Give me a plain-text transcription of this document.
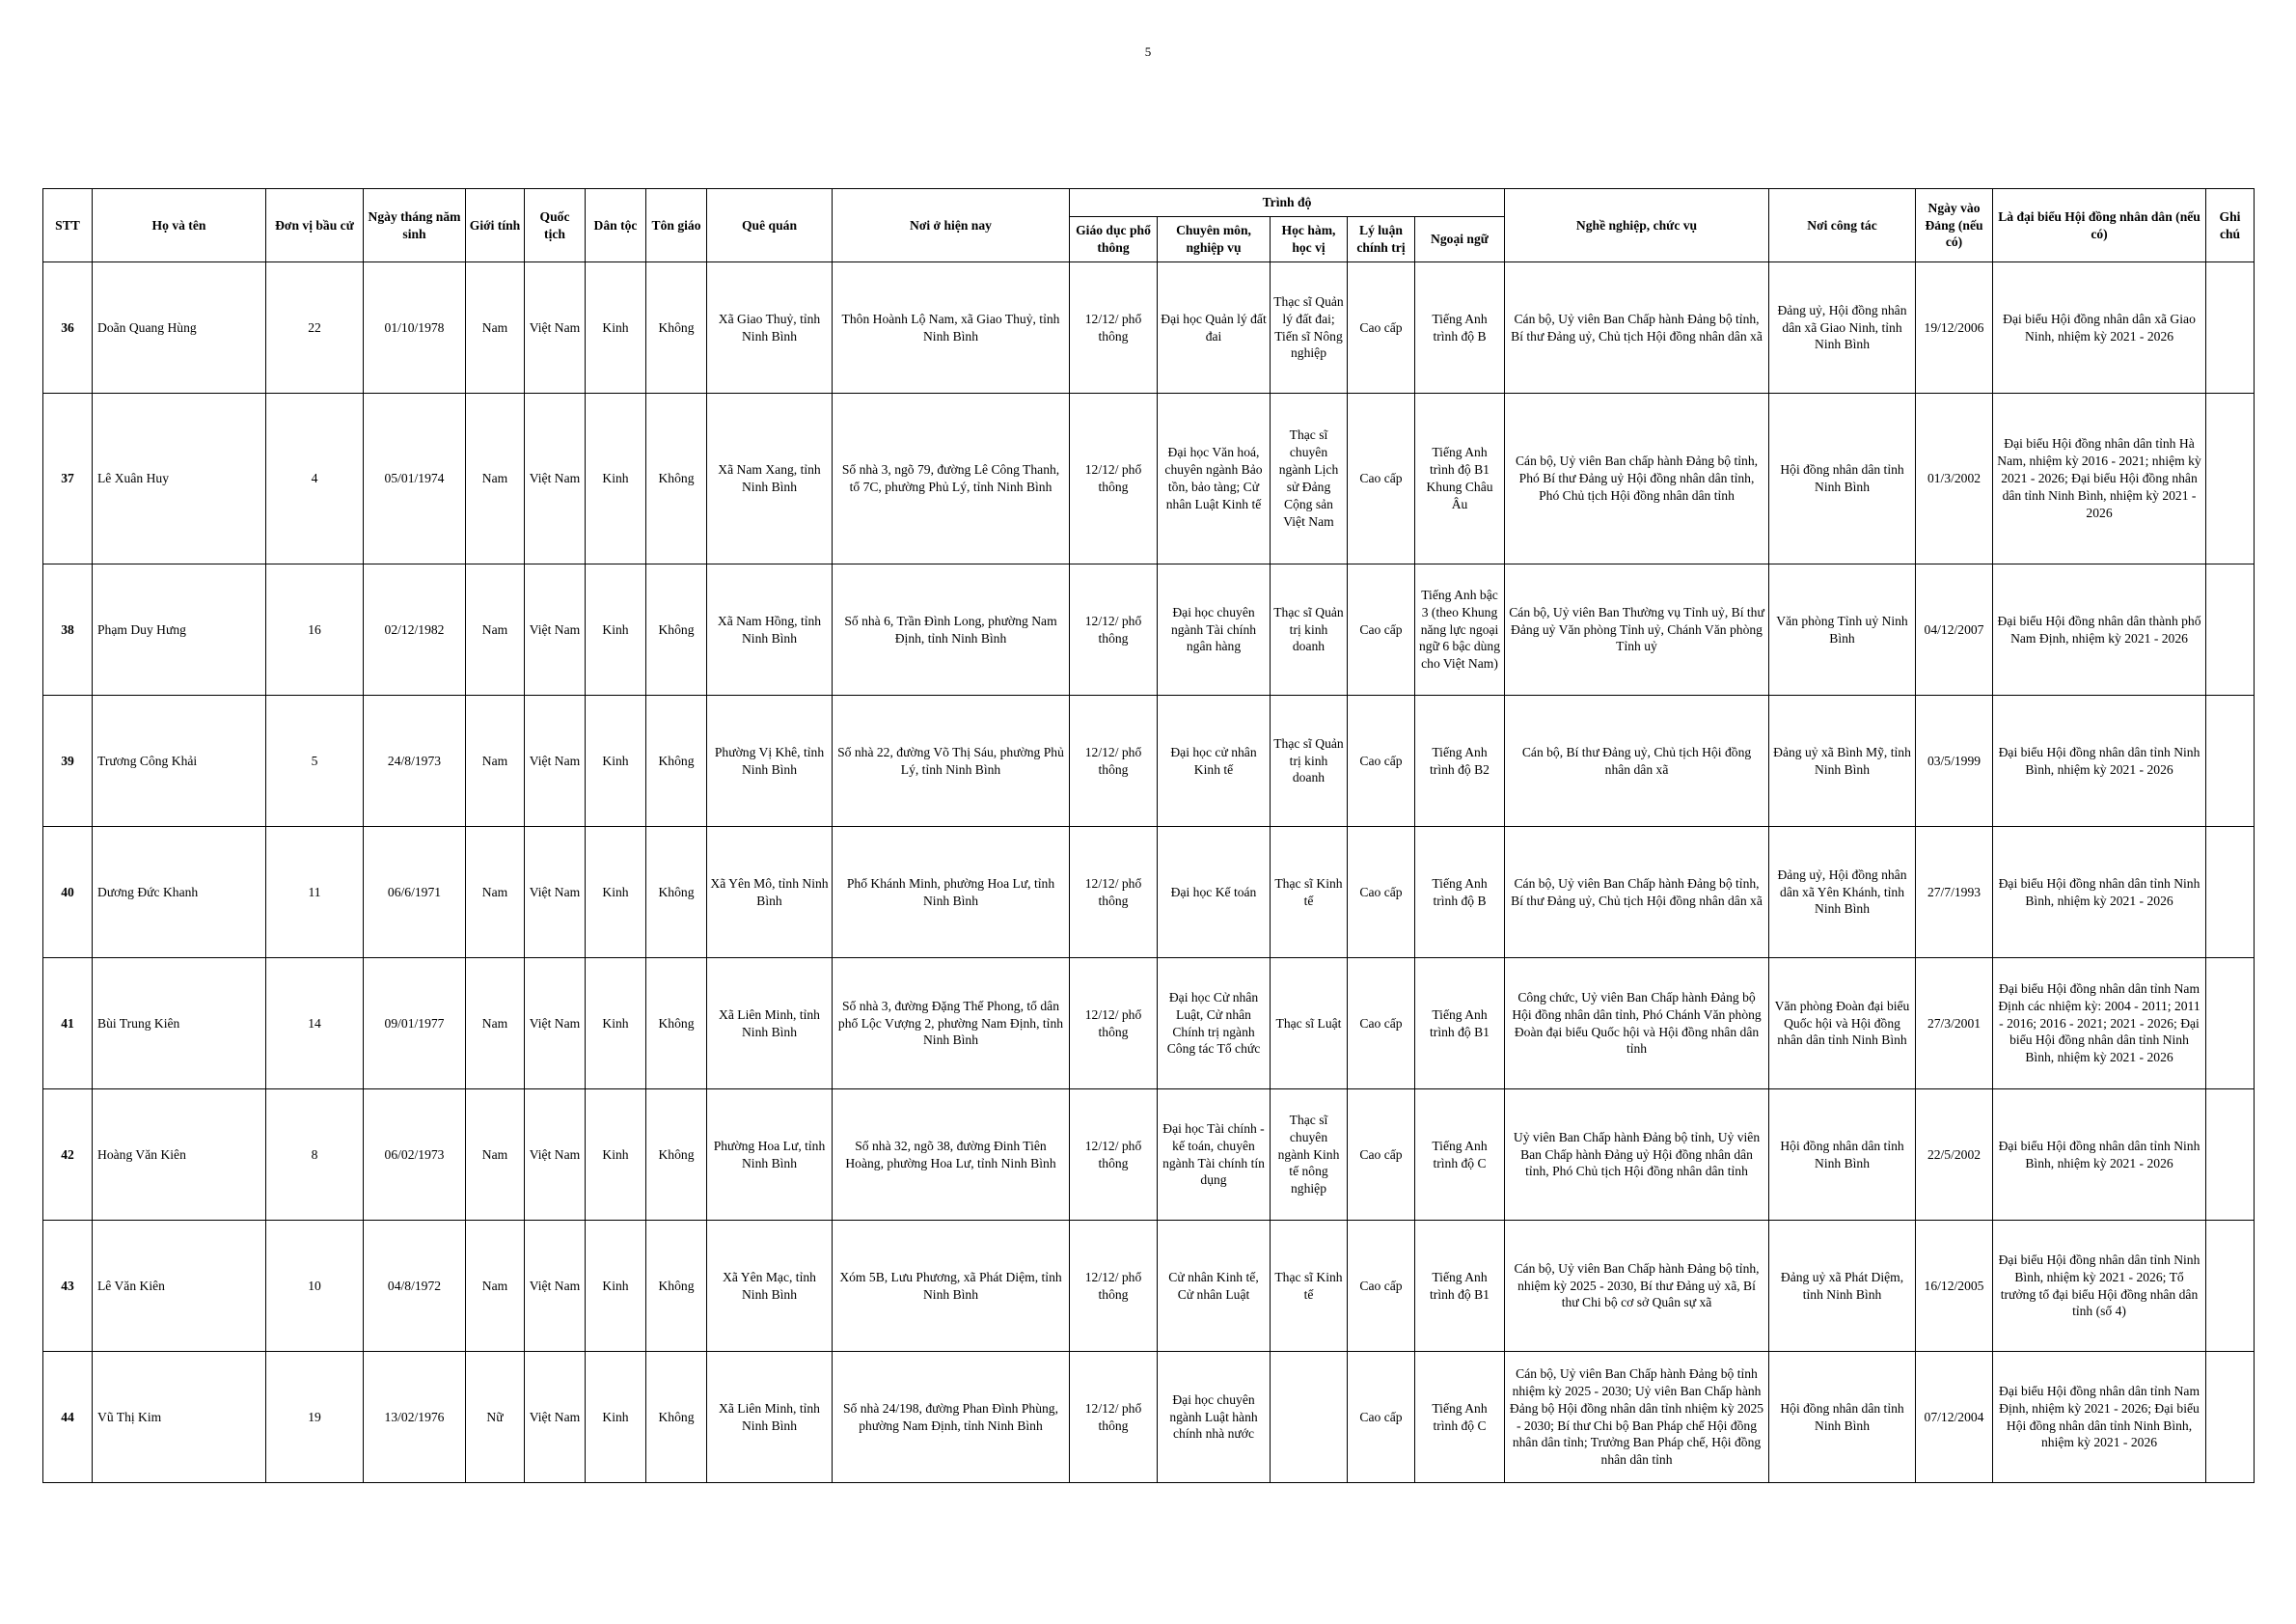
5
STT	Họ và tên	Đơn vị bầu cử	Ngày tháng năm sinh	Giới tính	Quốc tịch	Dân tộc	Tôn giáo	Quê quán	Nơi ở hiện nay	Trình độ					Nghề nghiệp, chức vụ	Nơi công tác	Ngày vào Đảng (nếu có)	Là đại biểu Hội đồng nhân dân (nếu có)	Ghi chú
										Giáo dục phổ thông	Chuyên môn, nghiệp vụ	Học hàm, học vị	Lý luận chính trị	Ngoại ngữ					
36	Doãn Quang Hùng	22	01/10/1978	Nam	Việt Nam	Kinh	Không	Xã Giao Thuỷ, tỉnh Ninh Bình	Thôn Hoành Lộ Nam, xã Giao Thuỷ, tỉnh Ninh Bình	12/12/ phổ thông	Đại học Quản lý đất đai	Thạc sĩ Quản lý đất đai; Tiến sĩ Nông nghiệp	Cao cấp	Tiếng Anh trình độ B	Cán bộ, Uỷ viên Ban Chấp hành Đảng bộ tỉnh, Bí thư Đảng uỷ, Chủ tịch Hội đồng nhân dân xã	Đảng uỷ, Hội đồng nhân dân xã Giao Ninh, tỉnh Ninh Bình	19/12/2006	Đại biểu Hội đồng nhân dân xã Giao Ninh, nhiệm kỳ 2021 - 2026	
37	Lê Xuân Huy	4	05/01/1974	Nam	Việt Nam	Kinh	Không	Xã Nam Xang, tỉnh Ninh Bình	Số nhà 3, ngõ 79, đường Lê Công Thanh, tổ 7C, phường Phủ Lý, tỉnh Ninh Bình	12/12/ phổ thông	Đại học Văn hoá, chuyên ngành Bảo tồn, bảo tàng; Cử nhân Luật Kinh tế	Thạc sĩ chuyên ngành Lịch sử Đảng Cộng sản Việt Nam	Cao cấp	Tiếng Anh trình độ B1 Khung Châu Âu	Cán bộ, Uỷ viên Ban chấp hành Đảng bộ tỉnh, Phó Bí thư Đảng uỷ Hội đồng nhân dân tỉnh, Phó Chủ tịch Hội đồng nhân dân tỉnh	Hội đồng nhân dân tỉnh Ninh Bình	01/3/2002	Đại biểu Hội đồng nhân dân tỉnh Hà Nam, nhiệm kỳ 2016 - 2021; nhiệm kỳ 2021 - 2026; Đại biểu Hội đồng nhân dân tỉnh Ninh Bình, nhiệm kỳ 2021 - 2026	
38	Phạm Duy Hưng	16	02/12/1982	Nam	Việt Nam	Kinh	Không	Xã Nam Hồng, tỉnh Ninh Bình	Số nhà 6, Trần Đình Long, phường Nam Định, tỉnh Ninh Bình	12/12/ phổ thông	Đại học chuyên ngành Tài chính ngân hàng	Thạc sĩ Quản trị kinh doanh	Cao cấp	Tiếng Anh bậc 3 (theo Khung năng lực ngoại ngữ 6 bậc dùng cho Việt Nam)	Cán bộ, Uỷ viên Ban Thường vụ Tỉnh uỷ, Bí thư Đảng uỷ Văn phòng Tỉnh uỷ, Chánh Văn phòng Tỉnh uỷ	Văn phòng Tỉnh uỷ Ninh Bình	04/12/2007	Đại biểu Hội đồng nhân dân thành phố Nam Định, nhiệm kỳ 2021 - 2026	
39	Trương Công Khải	5	24/8/1973	Nam	Việt Nam	Kinh	Không	Phường Vị Khê, tỉnh Ninh Bình	Số nhà 22, đường Võ Thị Sáu, phường Phủ Lý, tỉnh Ninh Bình	12/12/ phổ thông	Đại học cử nhân Kinh tế	Thạc sĩ Quản trị kinh doanh	Cao cấp	Tiếng Anh trình độ B2	Cán bộ, Bí thư Đảng uỷ, Chủ tịch Hội đồng nhân dân xã	Đảng uỷ xã Bình Mỹ, tỉnh Ninh Bình	03/5/1999	Đại biểu Hội đồng nhân dân tỉnh Ninh Bình, nhiệm kỳ 2021 - 2026	
40	Dương Đức Khanh	11	06/6/1971	Nam	Việt Nam	Kinh	Không	Xã Yên Mô, tỉnh Ninh Bình	Phố Khánh Minh, phường Hoa Lư, tỉnh Ninh Bình	12/12/ phổ thông	Đại học Kế toán	Thạc sĩ Kinh tế	Cao cấp	Tiếng Anh trình độ B	Cán bộ, Uỷ viên Ban Chấp hành Đảng bộ tỉnh, Bí thư Đảng uỷ, Chủ tịch Hội đồng nhân dân xã	Đảng uỷ, Hội đồng nhân dân xã Yên Khánh, tỉnh Ninh Bình	27/7/1993	Đại biểu Hội đồng nhân dân tỉnh Ninh Bình, nhiệm kỳ 2021 - 2026	
41	Bùi Trung Kiên	14	09/01/1977	Nam	Việt Nam	Kinh	Không	Xã Liên Minh, tỉnh Ninh Bình	Số nhà 3, đường Đặng Thế Phong, tổ dân phố Lộc Vượng 2, phường Nam Định, tỉnh Ninh Bình	12/12/ phổ thông	Đại học Cử nhân Luật, Cử nhân Chính trị ngành Công tác Tổ chức	Thạc sĩ Luật	Cao cấp	Tiếng Anh trình độ B1	Công chức, Uỷ viên Ban Chấp hành Đảng bộ Hội đồng nhân dân tỉnh, Phó Chánh Văn phòng Đoàn đại biểu Quốc hội và Hội đồng nhân dân tỉnh	Văn phòng Đoàn đại biểu Quốc hội và Hội đồng nhân dân tỉnh Ninh Bình	27/3/2001	Đại biểu Hội đồng nhân dân tỉnh Nam Định các nhiệm kỳ: 2004 - 2011; 2011 - 2016; 2016 - 2021; 2021 - 2026; Đại biểu Hội đồng nhân dân tỉnh Ninh Bình, nhiệm kỳ 2021 - 2026	
42	Hoàng Văn Kiên	8	06/02/1973	Nam	Việt Nam	Kinh	Không	Phường Hoa Lư, tỉnh Ninh Bình	Số nhà 32, ngõ 38, đường Đinh Tiên Hoàng, phường Hoa Lư, tỉnh Ninh Bình	12/12/ phổ thông	Đại học Tài chính - kế toán, chuyên ngành Tài chính tín dụng	Thạc sĩ chuyên ngành Kinh tế nông nghiệp	Cao cấp	Tiếng Anh trình độ C	Uỷ viên Ban Chấp hành Đảng bộ tỉnh, Uỷ viên Ban Chấp hành Đảng uỷ Hội đồng nhân dân tỉnh, Phó Chủ tịch Hội đồng nhân dân tỉnh	Hội đồng nhân dân tỉnh Ninh Bình	22/5/2002	Đại biểu Hội đồng nhân dân tỉnh Ninh Bình, nhiệm kỳ 2021 - 2026	
43	Lê Văn Kiên	10	04/8/1972	Nam	Việt Nam	Kinh	Không	Xã Yên Mạc, tỉnh Ninh Bình	Xóm 5B, Lưu Phương, xã Phát Diệm, tỉnh Ninh Bình	12/12/ phổ thông	Cử nhân Kinh tế, Cử nhân Luật	Thạc sĩ Kinh tế	Cao cấp	Tiếng Anh trình độ B1	Cán bộ, Uỷ viên Ban Chấp hành Đảng bộ tỉnh, nhiệm kỳ 2025 - 2030, Bí thư Đảng uỷ xã, Bí thư Chi bộ cơ sở Quân sự xã	Đảng uỷ xã Phát Diệm, tỉnh Ninh Bình	16/12/2005	Đại biểu Hội đồng nhân dân tỉnh Ninh Bình, nhiệm kỳ 2021 - 2026; Tổ trưởng tổ đại biểu Hội đồng nhân dân tỉnh (số 4)	
44	Vũ Thị Kim	19	13/02/1976	Nữ	Việt Nam	Kinh	Không	Xã Liên Minh, tỉnh Ninh Bình	Số nhà 24/198, đường Phan Đình Phùng, phường Nam Định, tỉnh Ninh Bình	12/12/ phổ thông	Đại học chuyên ngành Luật hành chính nhà nước		Cao cấp	Tiếng Anh trình độ C	Cán bộ, Uỷ viên Ban Chấp hành Đảng bộ tỉnh nhiệm kỳ 2025 - 2030; Uỷ viên Ban Chấp hành Đảng bộ Hội đồng nhân dân tỉnh nhiệm kỳ 2025 - 2030; Bí thư Chi bộ Ban Pháp chế Hội đồng nhân dân tỉnh; Trưởng Ban Pháp chế, Hội đồng nhân dân tỉnh	Hội đồng nhân dân tỉnh Ninh Bình	07/12/2004	Đại biểu Hội đồng nhân dân tỉnh Nam Định, nhiệm kỳ 2021 - 2026; Đại biểu Hội đồng nhân dân tỉnh Ninh Bình, nhiệm kỳ 2021 - 2026	
